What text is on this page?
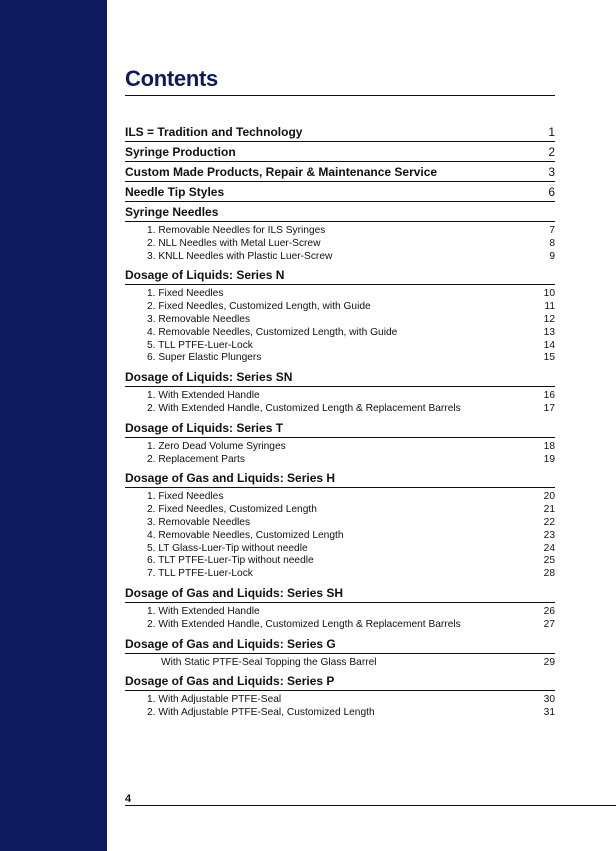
Contents
ILS = Tradition and Technology	1
Syringe Production	2
Custom Made Products, Repair & Maintenance Service	3
Needle Tip Styles	6
Syringe Needles
1. Removable Needles for ILS Syringes	7
2. NLL Needles with Metal Luer-Screw	8
3. KNLL Needles with Plastic Luer-Screw	9
Dosage of Liquids: Series N
1. Fixed Needles	10
2. Fixed Needles, Customized Length, with Guide	11
3. Removable Needles	12
4. Removable Needles, Customized Length, with Guide	13
5. TLL PTFE-Luer-Lock	14
6. Super Elastic Plungers	15
Dosage of Liquids: Series SN
1. With Extended Handle	16
2. With Extended Handle, Customized Length & Replacement Barrels	17
Dosage of Liquids: Series T
1. Zero Dead Volume Syringes	18
2. Replacement Parts	19
Dosage of Gas and Liquids: Series H
1. Fixed Needles	20
2. Fixed Needles, Customized Length	21
3. Removable Needles	22
4. Removable Needles, Customized Length	23
5. LT Glass-Luer-Tip without needle	24
6. TLT PTFE-Luer-Tip without needle	25
7. TLL PTFE-Luer-Lock	28
Dosage of Gas and Liquids: Series SH
1. With Extended Handle	26
2. With Extended Handle, Customized Length & Replacement Barrels	27
Dosage of Gas and Liquids: Series G
With Static PTFE-Seal Topping the Glass Barrel	29
Dosage of Gas and Liquids: Series P
1. With Adjustable PTFE-Seal	30
2. With Adjustable PTFE-Seal, Customized Length	31
4
